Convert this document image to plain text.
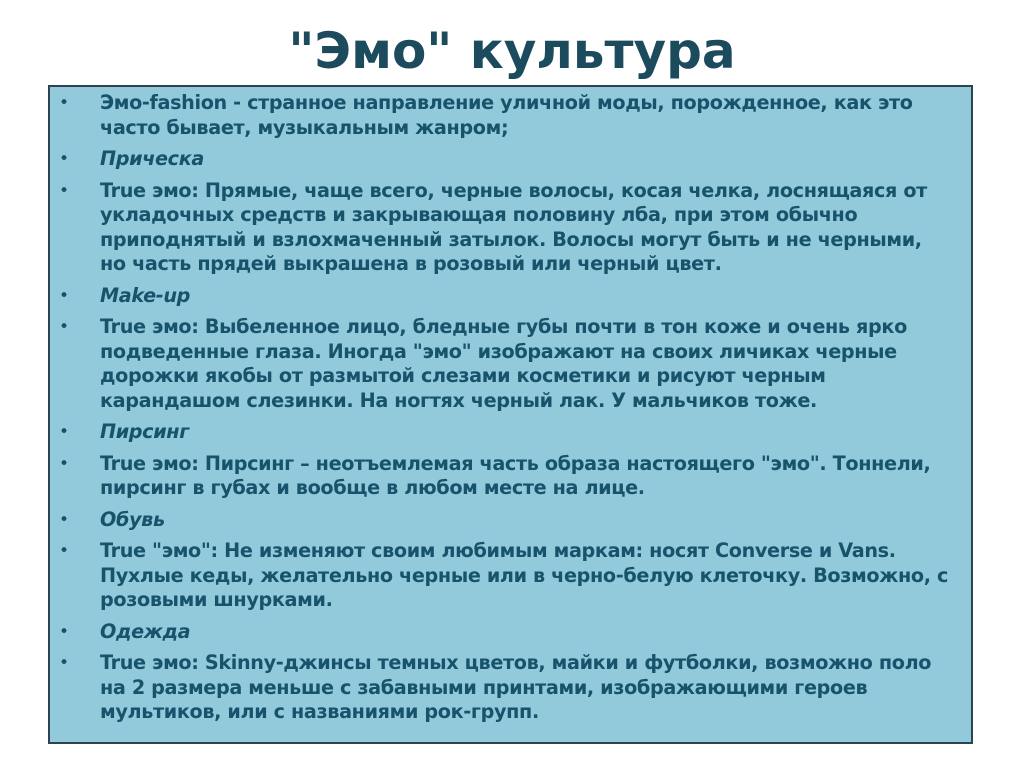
"Эмо" культура
• Эмо-fashion - странное направление уличной моды, порожденное, как это часто бывает, музыкальным жанром;
• Прическа
• True эмо: Прямые, чаще всего, черные волосы, косая челка, лоснящаяся от укладочных средств и закрывающая половину лба, при этом обычно приподнятый и взлохмаченный затылок. Волосы могут быть и не черными, но часть прядей выкрашена в розовый или черный цвет.
• Make-up
• True эмо: Выбеленное лицо, бледные губы почти в тон коже и очень ярко подведенные глаза. Иногда "эмо" изображают на своих личиках черные дорожки якобы от размытой слезами косметики и рисуют черным карандашом слезинки. На ногтях черный лак. У мальчиков тоже.
• Пирсинг
• True эмо: Пирсинг – неотъемлемая часть образа настоящего "эмо". Тоннели, пирсинг в губах и вообще в любом месте на лице.
• Обувь
• True "эмо": Не изменяют своим любимым маркам: носят Converse и Vans. Пухлые кеды, желательно черные или в черно-белую клеточку. Возможно, с розовыми шнурками.
• Одежда
• True эмо: Skinny-джинсы темных цветов, майки и футболки, возможно поло на 2 размера меньше с забавными принтами, изображающими героев мультиков, или с названиями рок-групп.
